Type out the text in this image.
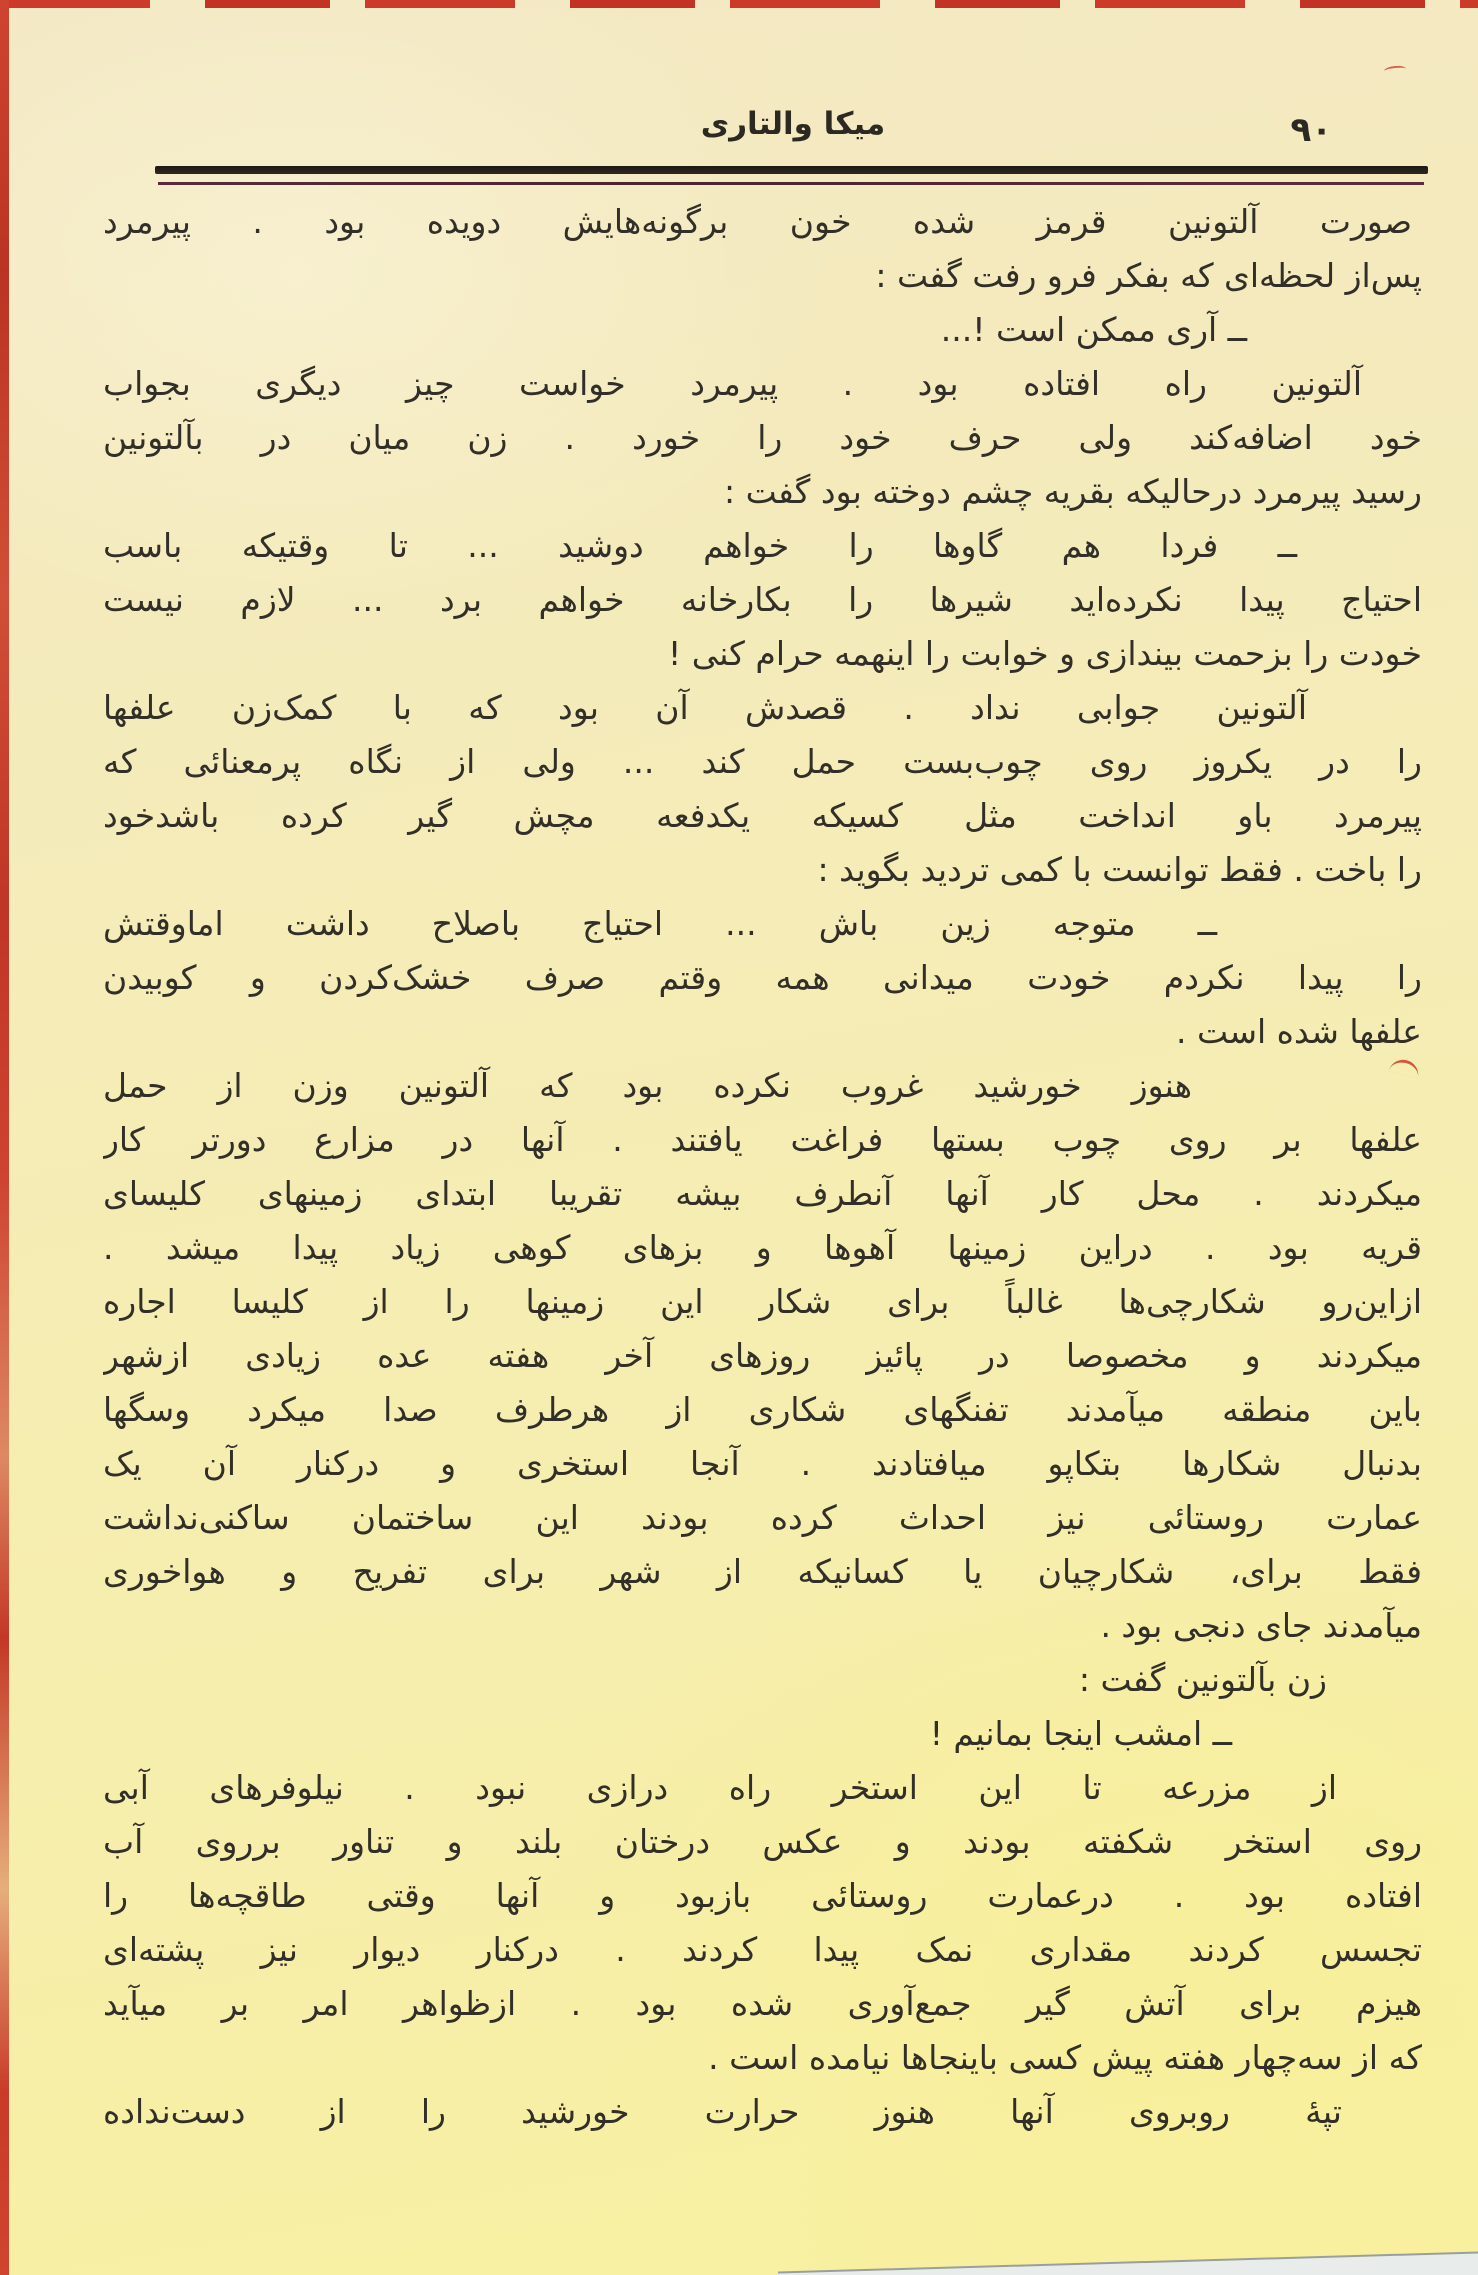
میکا والتاری	۹٠
صورت آلتونین قرمز شده خون برگونه‌هایش دویده بود . پیرمرد
پس‌از لحظه‌ای که بفکر فرو رفت گفت :
ــ آری ممکن است !...
آلتونین راه افتاده بود . پیرمرد خواست چیز دیگری بجواب
خود اضافه‌کند ولی حرف خود را خورد . زن میان در بآلتونین
رسید پیرمرد درحالیکه بقریه چشم دوخته بود گفت :
ــ فردا هم گاوها را خواهم دوشید ... تا وقتیکه باسب
احتیاج پیدا نکرده‌اید شیرها را بکارخانه خواهم برد ... لازم نیست
خودت را بزحمت بیندازی و خوابت را اینهمه حرام کنی !
آلتونین جوابی نداد . قصدش آن بود که با کمک‌زن علفها
را در یکروز روی چوب‌بست حمل کند ... ولی از نگاه پرمعنائی که
پیرمرد باو انداخت مثل کسیکه یکدفعه مچش گیر کرده باشدخود
را باخت . فقط توانست با کمی تردید بگوید :
ــ متوجه زین باش ... احتیاج باصلاح داشت اماوقتش
را پیدا نکردم خودت میدانی همه وقتم صرف خشک‌کردن و کوبیدن
علفها شده است .
هنوز خورشید غروب نکرده بود که آلتونین وزن از حمل
علفها بر روی چوب بستها فراغت یافتند . آنها در مزارع دورتر کار
میکردند . محل کار آنها آنطرف بیشه تقریبا ابتدای زمینهای کلیسای
قریه بود . دراین زمینها آهوها و بزهای کوهی زیاد پیدا میشد .
ازاین‌رو شکارچی‌ها غالباً برای شکار این زمینها را از کلیسا اجاره
میکردند و مخصوصا در پائیز روزهای آخر هفته عده زیادی ازشهر
باین منطقه میآمدند تفنگهای شکاری از هرطرف صدا میکرد وسگها
بدنبال شکارها بتکاپو میافتادند . آنجا استخری و درکنار آن یک
عمارت روستائی نیز احداث کرده بودند این ساختمان ساکنی‌نداشت
فقط برای، شکارچیان یا کسانیکه از شهر برای تفریح و هواخوری
میآمدند جای دنجی بود .
زن بآلتونین گفت :
ــ امشب اینجا بمانیم !
از مزرعه تا این استخر راه درازی نبود . نیلوفرهای آبی
روی استخر شکفته بودند و عکس درختان بلند و تناور برروی آب
افتاده بود . درعمارت روستائی بازبود و آنها وقتی طاقچه‌ها را
تجسس کردند مقداری نمک پیدا کردند . درکنار دیوار نیز پشته‌ای
هیزم برای آتش گیر جمع‌آوری شده بود . ازظواهر امر بر میآید
که از سه‌چهار هفته پیش کسی باینجاها نیامده است .
تپهٔ روبروی آنها هنوز حرارت خورشید را از دست‌نداده
